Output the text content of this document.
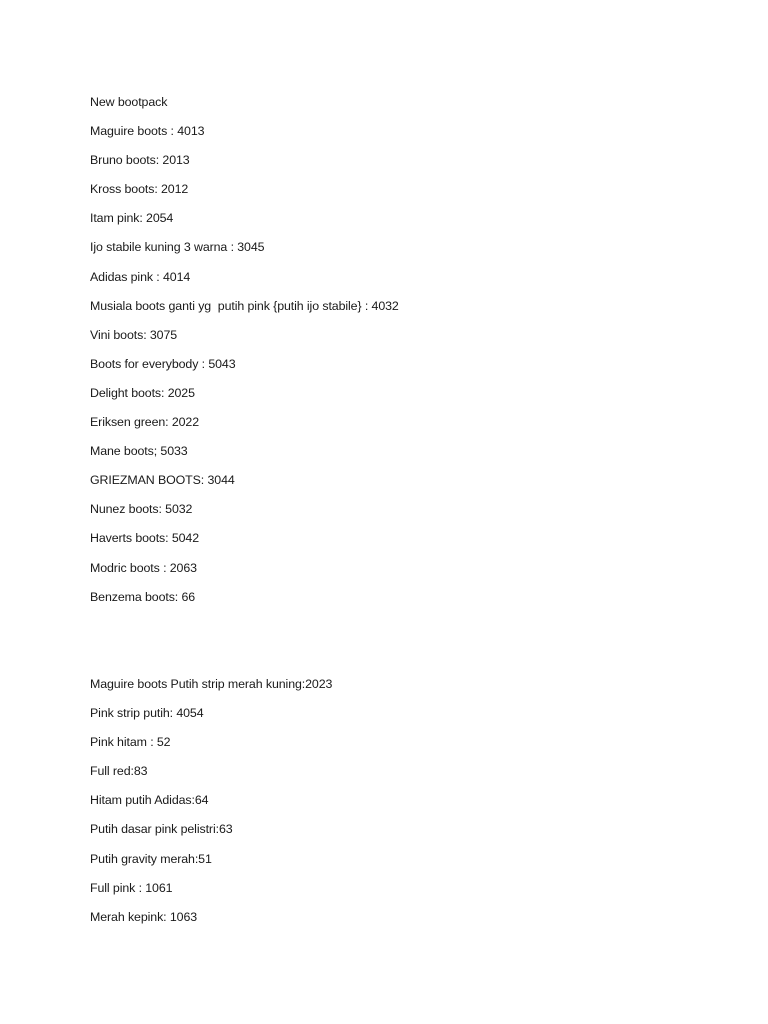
New bootpack
Maguire boots : 4013
Bruno boots: 2013
Kross boots: 2012
Itam pink: 2054
Ijo stabile kuning 3 warna : 3045
Adidas pink : 4014
Musiala boots ganti yg  putih pink {putih ijo stabile} : 4032
Vini boots: 3075
Boots for everybody : 5043
Delight boots: 2025
Eriksen green: 2022
Mane boots; 5033
GRIEZMAN BOOTS: 3044
Nunez boots: 5032
Haverts boots: 5042
Modric boots : 2063
Benzema boots: 66
Maguire boots Putih strip merah kuning:2023
Pink strip putih: 4054
Pink hitam : 52
Full red:83
Hitam putih Adidas:64
Putih dasar pink pelistri:63
Putih gravity merah:51
Full pink : 1061
Merah kepink: 1063
